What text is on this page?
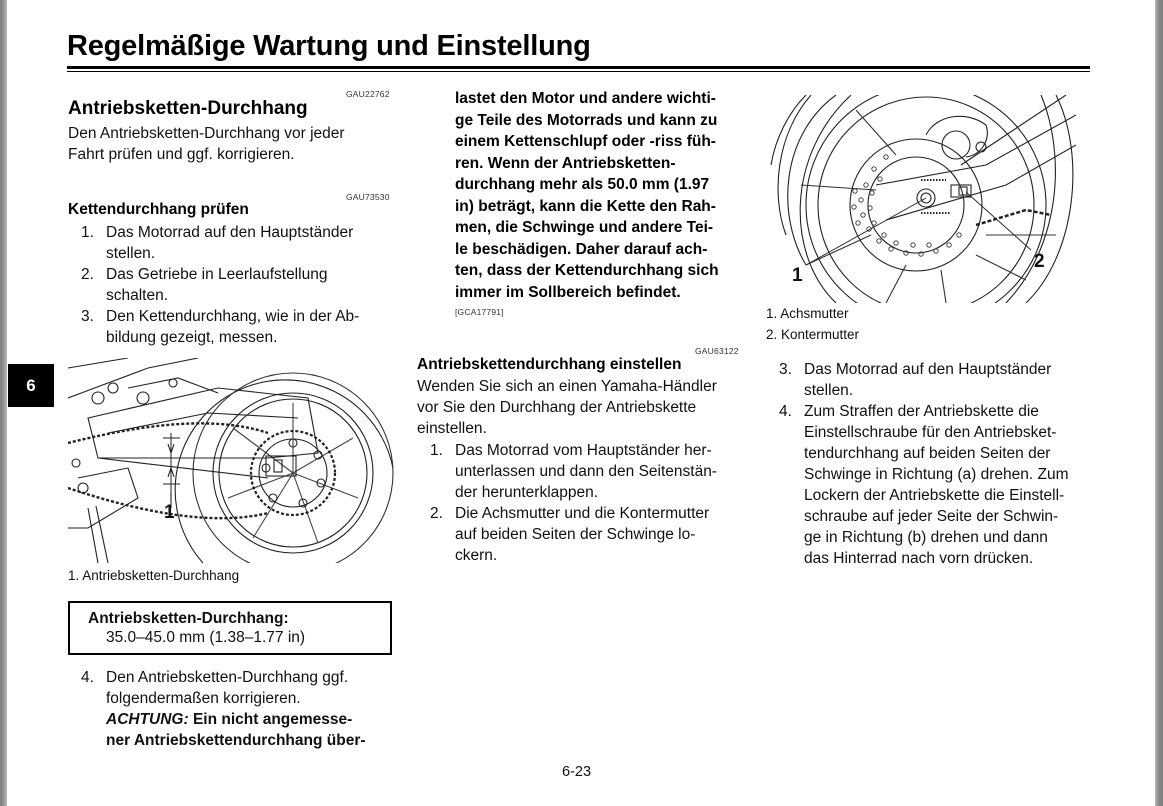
Regelmäßige Wartung und Einstellung
6
GAU22762
Antriebsketten-Durchhang
Den Antriebsketten-Durchhang vor jeder
Fahrt prüfen und ggf. korrigieren.
GAU73530
Kettendurchhang prüfen
1. Das Motorrad auf den Hauptständer
stellen.
2. Das Getriebe in Leerlaufstellung
schalten.
3. Den Kettendurchhang, wie in der Ab-
bildung gezeigt, messen.
1
1. Antriebsketten-Durchhang
Antriebsketten-Durchhang:
35.0–45.0 mm (1.38–1.77 in)
4. Den Antriebsketten-Durchhang ggf.
folgendermaßen korrigieren.
ACHTUNG: Ein nicht angemesse-
ner Antriebskettendurchhang über-
lastet den Motor und andere wichti-
ge Teile des Motorrads und kann zu
einem Kettenschlupf oder -riss füh-
ren. Wenn der Antriebsketten-
durchhang mehr als 50.0 mm (1.97
in) beträgt, kann die Kette den Rah-
men, die Schwinge und andere Tei-
le beschädigen. Daher darauf ach-
ten, dass der Kettendurchhang sich
immer im Sollbereich befindet.
[GCA17791]
GAU63122
Antriebskettendurchhang einstellen
Wenden Sie sich an einen Yamaha-Händler
vor Sie den Durchhang der Antriebskette
einstellen.
1. Das Motorrad vom Hauptständer her-
unterlassen und dann den Seitenstän-
der herunterklappen.
2. Die Achsmutter und die Kontermutter
auf beiden Seiten der Schwinge lo-
ckern.
1
2
1. Achsmutter
2. Kontermutter
3. Das Motorrad auf den Hauptständer
stellen.
4. Zum Straffen der Antriebskette die
Einstellschraube für den Antriebsket-
tendurchhang auf beiden Seiten der
Schwinge in Richtung (a) drehen. Zum
Lockern der Antriebskette die Einstell-
schraube auf jeder Seite der Schwin-
ge in Richtung (b) drehen und dann
das Hinterrad nach vorn drücken.
6-23
